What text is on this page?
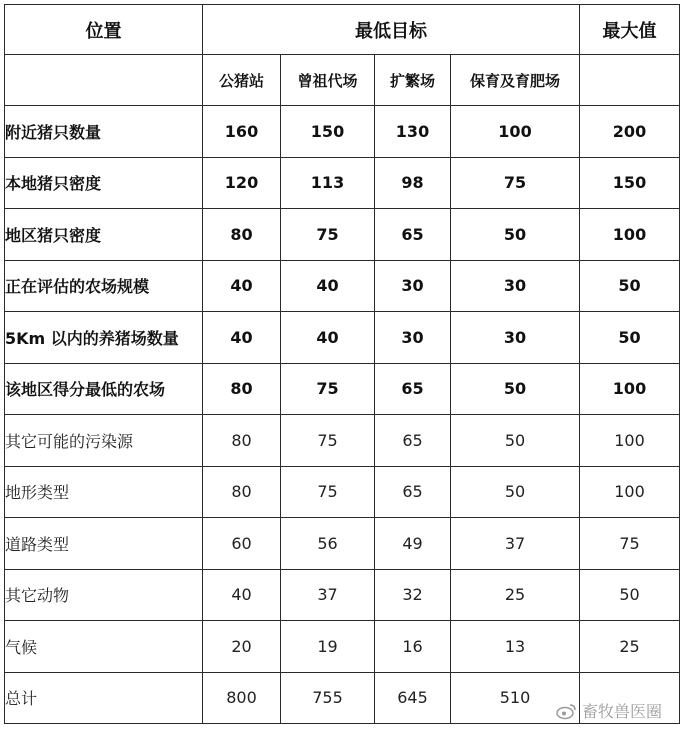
位置	最低目标				最大值
	公猪站	曾祖代场	扩繁场	保育及育肥场	
附近猪只数量	160	150	130	100	200
本地猪只密度	120	113	98	75	150
地区猪只密度	80	75	65	50	100
正在评估的农场规模	40	40	30	30	50
5Km 以内的养猪场数量	40	40	30	30	50
该地区得分最低的农场	80	75	65	50	100
其它可能的污染源	80	75	65	50	100
地形类型	80	75	65	50	100
道路类型	60	56	49	37	75
其它动物	40	37	32	25	50
气候	20	19	16	13	25
总计	800	755	645	510	
畜牧兽医圈
